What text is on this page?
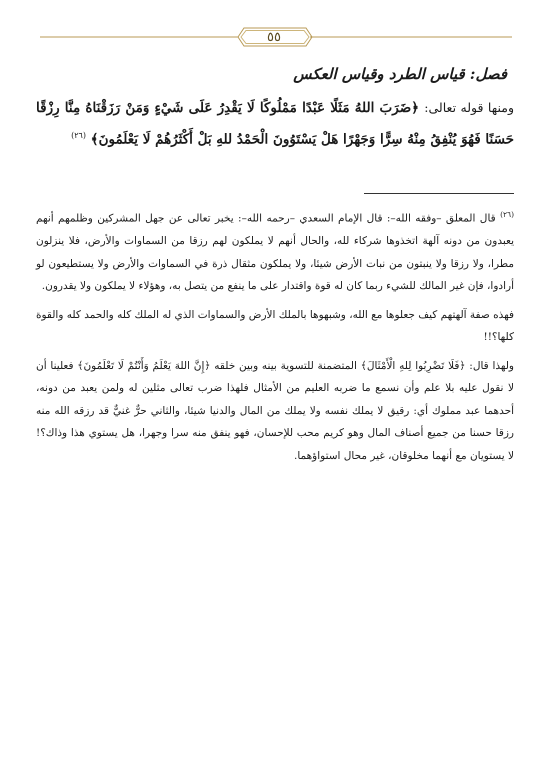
٥٥
فصل: قياس الطرد وقياس العكس
ومنها قوله تعالى: ﴿ضَرَبَ اللهُ مَثَلًا عَبْدًا مَمْلُوكًا لَا يَقْدِرُ عَلَى شَيْءٍ وَمَنْ رَزَقْنَاهُ مِنَّا رِزْقًا حَسَنًا فَهُوَ يُنْفِقُ مِنْهُ سِرًّا وَجَهْرًا هَلْ يَسْتَوُونَ الْحَمْدُ للهِ بَلْ أَكْثَرُهُمْ لَا يَعْلَمُونَ﴾ $^{(٢٦)}$

$^{(٢٦)}$ قال المعلق –وفقه الله–: قال الإمام السعدي –رحمه الله–: يخبر تعالى عن جهل المشركين وظلمهم أنهم يعبدون من دونه آلهة اتخذوها شركاء لله، والحال أنهم لا يملكون لهم رزقا من السماوات والأرض، فلا ينزلون مطرا، ولا رزقا ولا ينبتون من نبات الأرض شيئا، ولا يملكون مثقال ذرة في السماوات والأرض ولا يستطيعون لو أرادوا، فإن غير المالك للشيء ربما كان له قوة واقتدار على ما ينفع من يتصل به، وهؤلاء لا يملكون ولا يقدرون.

فهذه صفة آلهتهم كيف جعلوها مع الله، وشبهوها بالملك الأرض والسماوات الذي له الملك كله والحمد كله والقوة كلها؟!!

ولهذا قال: ﴿فَلَا تَضْرِبُوا لِلهِ الْأَمْثَالَ﴾ المتضمنة للتسوية بينه وبين خلقه ﴿إِنَّ اللهَ يَعْلَمُ وَأَنْتُمْ لَا تَعْلَمُونَ﴾ فعلينا أن لا نقول عليه بلا علم وأن نسمع ما ضربه العليم من الأمثال فلهذا ضرب تعالى مثلين له ولمن يعبد من دونه، أحدهما عبد مملوك أي: رقيق لا يملك نفسه ولا يملك من المال والدنيا شيئا، والثاني حرٌّ غنيٌّ قد رزقه الله منه رزقا حسنا من جميع أصناف المال وهو كريم محب للإحسان، فهو ينفق منه سرا وجهرا، هل يستوي هذا وذاك؟! لا يستويان مع أنهما مخلوقان، غير محال استواؤهما.
